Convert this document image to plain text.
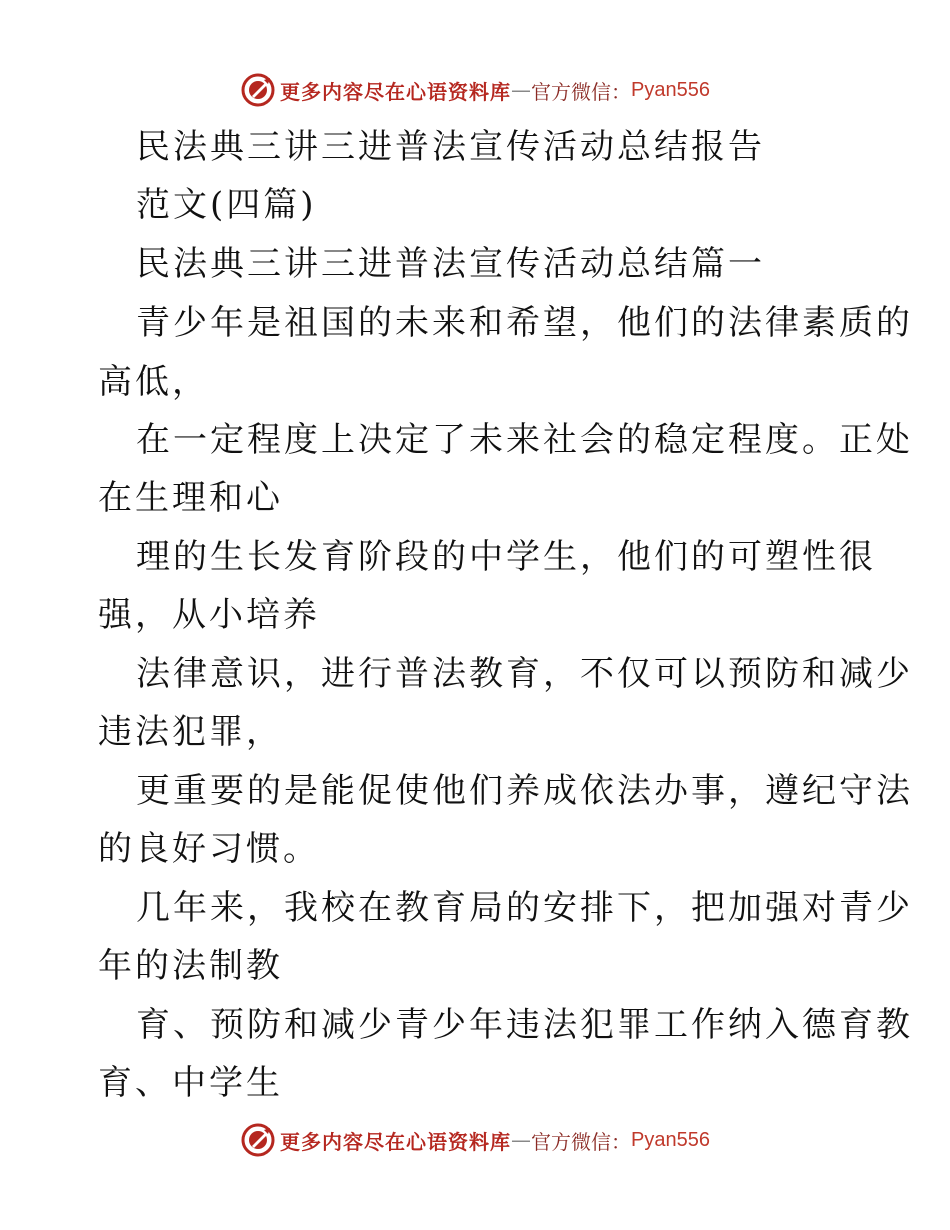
更多内容尽在心语资料库 — 官方微信： Pyan556
民法典三讲三进普法宣传活动总结报告
范文(四篇)
民法典三讲三进普法宣传活动总结篇一
青少年是祖国的未来和希望，他们的法律素质的
高低，
在一定程度上决定了未来社会的稳定程度。正处
在生理和心
理的生长发育阶段的中学生，他们的可塑性很
强，从小培养
法律意识，进行普法教育，不仅可以预防和减少
违法犯罪，
更重要的是能促使他们养成依法办事，遵纪守法
的良好习惯。
几年来，我校在教育局的安排下，把加强对青少
年的法制教
育、预防和减少青少年违法犯罪工作纳入德育教
育、中学生
更多内容尽在心语资料库 — 官方微信： Pyan556
